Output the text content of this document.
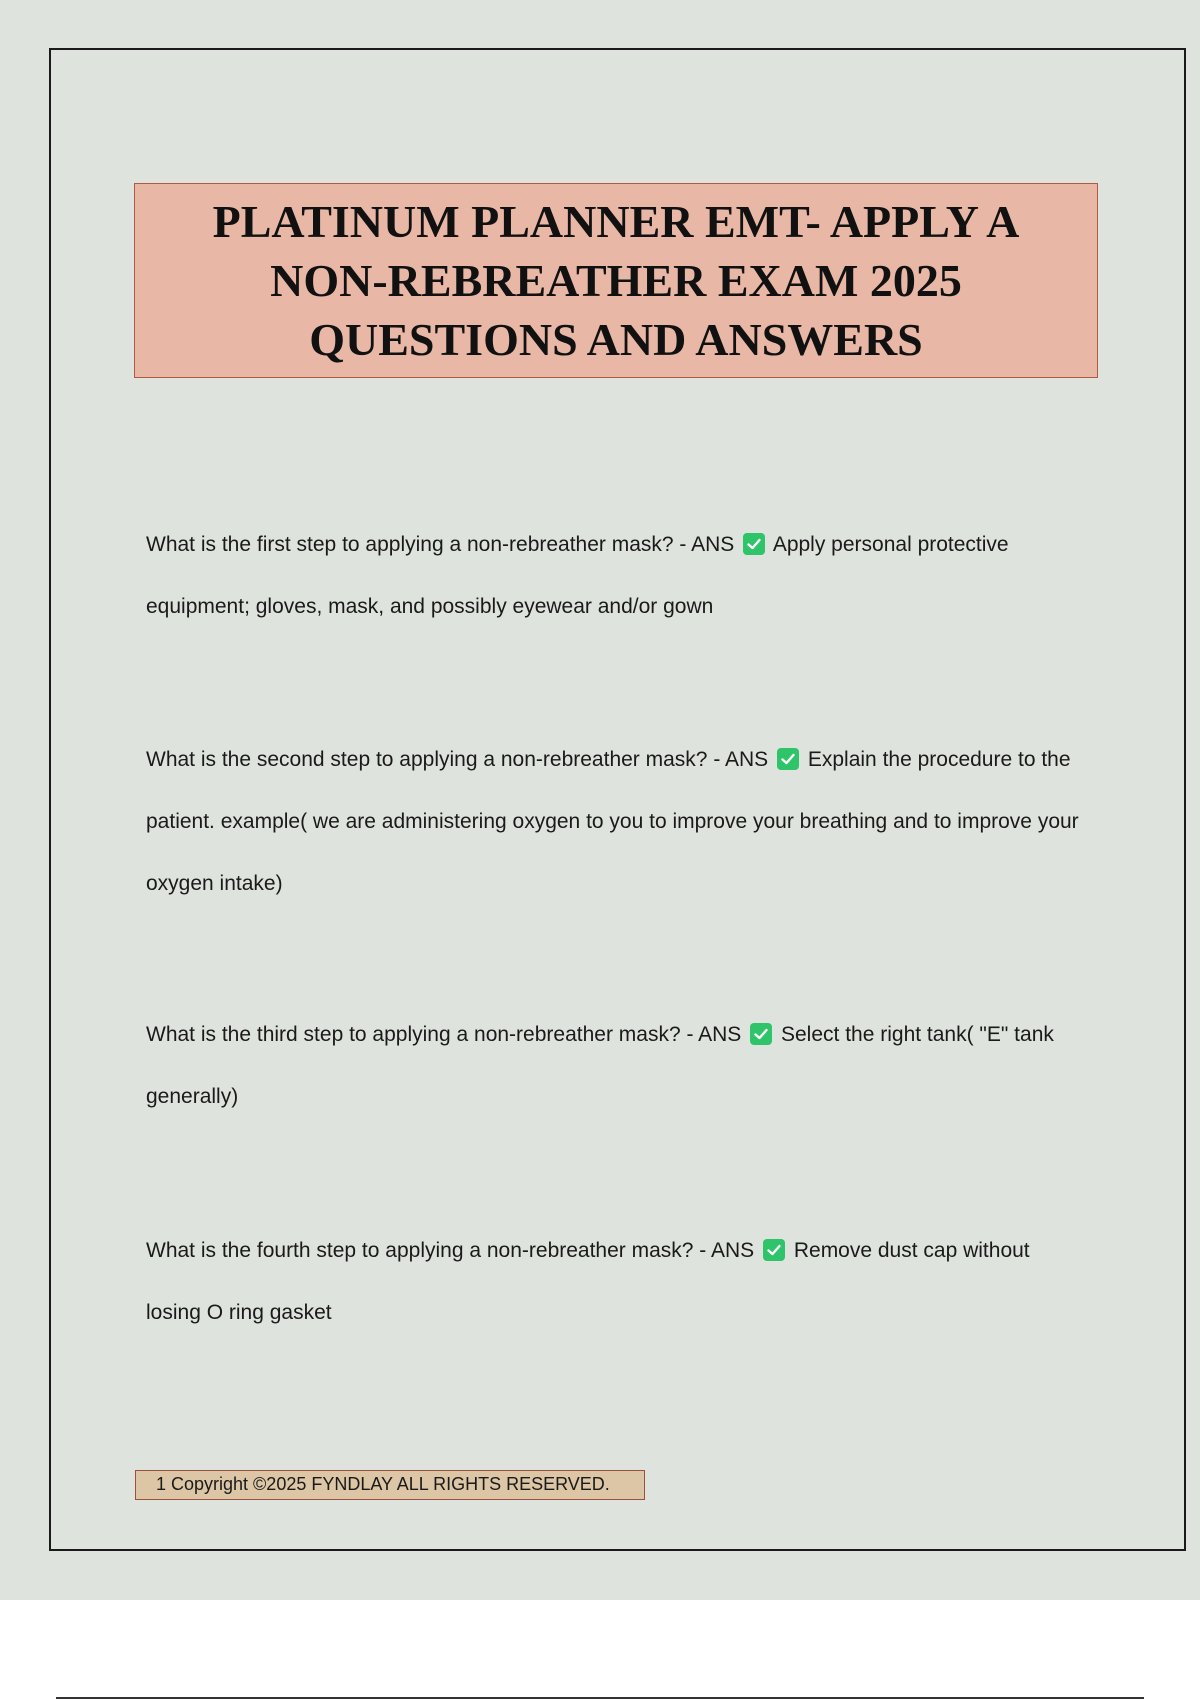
PLATINUM PLANNER EMT- APPLY A
NON-REBREATHER EXAM 2025
QUESTIONS AND ANSWERS

What is the first step to applying a non-rebreather mask? - ANS Apply personal protective equipment; gloves, mask, and possibly eyewear and/or gown

What is the second step to applying a non-rebreather mask? - ANS Explain the procedure to the patient. example( we are administering oxygen to you to improve your breathing and to improve your oxygen intake)

What is the third step to applying a non-rebreather mask? - ANS Select the right tank( "E" tank generally)

What is the fourth step to applying a non-rebreather mask? - ANS Remove dust cap without losing O ring gasket

1 Copyright ©2025 FYNDLAY ALL RIGHTS RESERVED.
